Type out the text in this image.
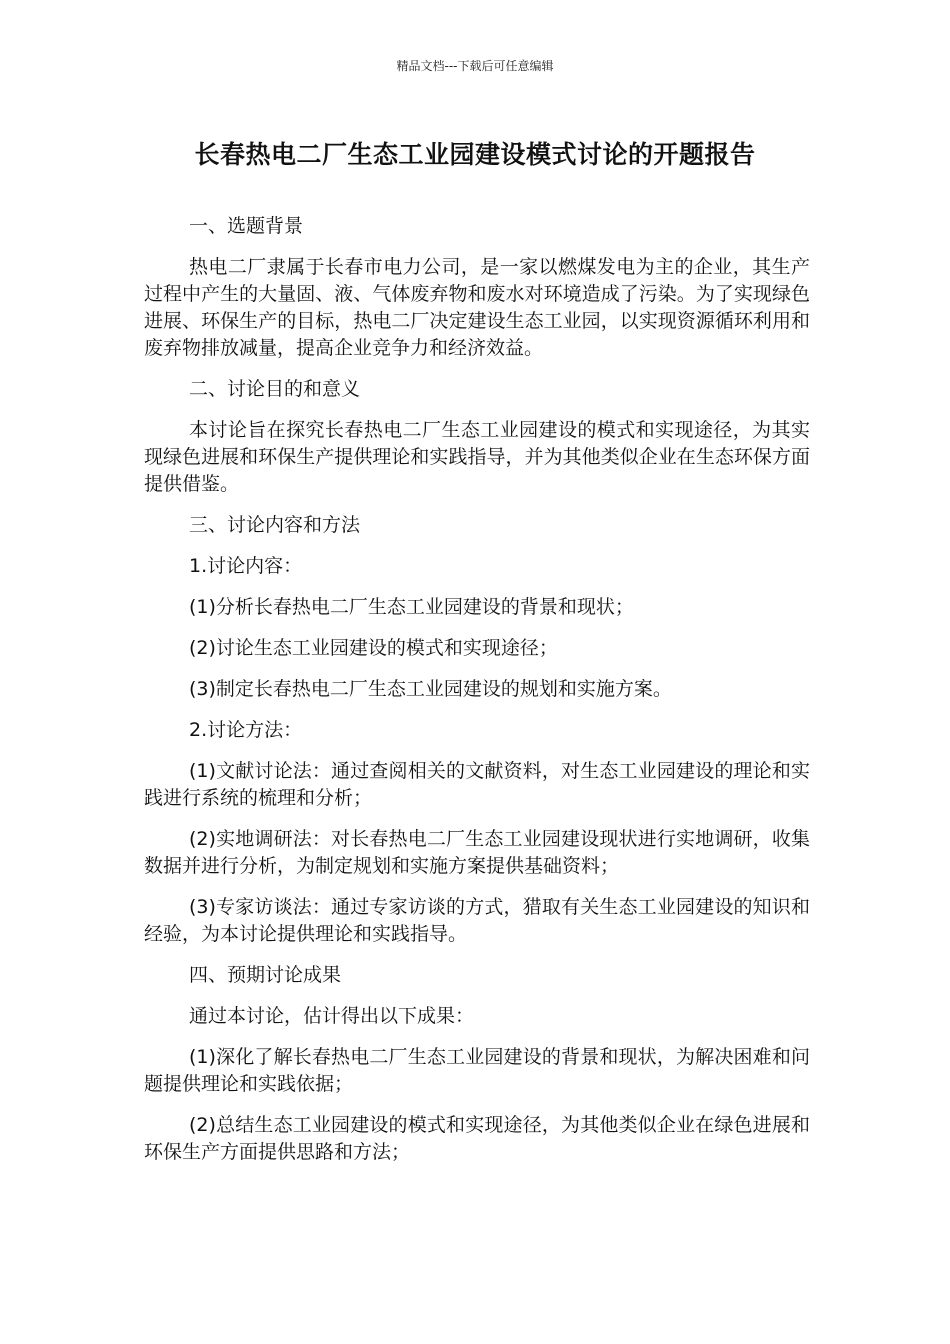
精品文档---下载后可任意编辑
长春热电二厂生态工业园建设模式讨论的开题报告

一、选题背景

热电二厂隶属于长春市电力公司，是一家以燃煤发电为主的企业，其生产过程中产生的大量固、液、气体废弃物和废水对环境造成了污染。为了实现绿色进展、环保生产的目标，热电二厂决定建设生态工业园，以实现资源循环利用和废弃物排放减量，提高企业竞争力和经济效益。

二、讨论目的和意义

本讨论旨在探究长春热电二厂生态工业园建设的模式和实现途径，为其实现绿色进展和环保生产提供理论和实践指导，并为其他类似企业在生态环保方面提供借鉴。

三、讨论内容和方法

1.讨论内容：

(1)分析长春热电二厂生态工业园建设的背景和现状；

(2)讨论生态工业园建设的模式和实现途径；

(3)制定长春热电二厂生态工业园建设的规划和实施方案。

2.讨论方法：

(1)文献讨论法：通过查阅相关的文献资料，对生态工业园建设的理论和实践进行系统的梳理和分析；

(2)实地调研法：对长春热电二厂生态工业园建设现状进行实地调研，收集数据并进行分析，为制定规划和实施方案提供基础资料；

(3)专家访谈法：通过专家访谈的方式，猎取有关生态工业园建设的知识和经验，为本讨论提供理论和实践指导。

四、预期讨论成果

通过本讨论，估计得出以下成果：

(1)深化了解长春热电二厂生态工业园建设的背景和现状，为解决困难和问题提供理论和实践依据；

(2)总结生态工业园建设的模式和实现途径，为其他类似企业在绿色进展和环保生产方面提供思路和方法；
